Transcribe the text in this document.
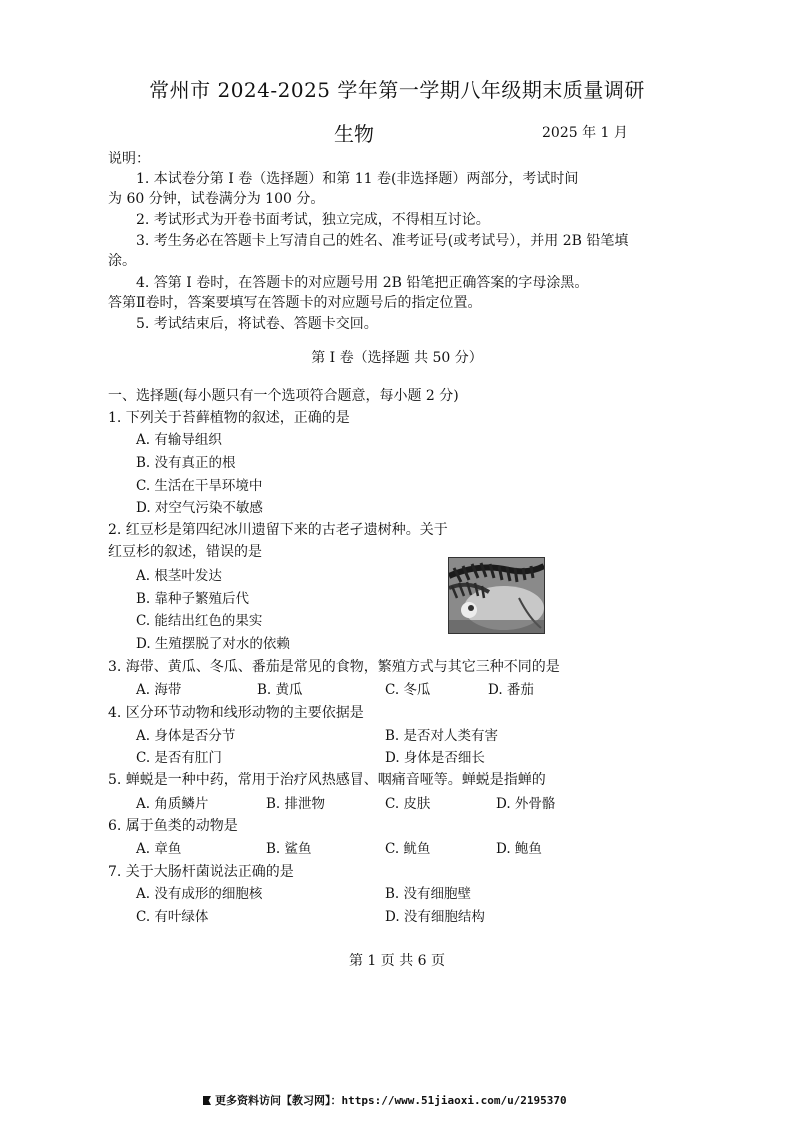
常州市 2024-2025 学年第一学期八年级期末质量调研
生物	2025 年 1 月
说明：
1. 本试卷分第 I 卷（选择题）和第 11 卷(非选择题）两部分，考试时间
为 60 分钟，试卷满分为 100 分。
2. 考试形式为开卷书面考试，独立完成，不得相互讨论。
3. 考生务必在答题卡上写清自己的姓名、准考证号(或考试号），并用 2B 铅笔填
涂。
4. 答第 I 卷时，在答题卡的对应题号用 2B 铅笔把正确答案的字母涂黑。
答第Ⅱ卷时，答案要填写在答题卡的对应题号后的指定位置。
5. 考试结束后，将试卷、答题卡交回。
第 I 卷（选择题 共 50 分）
一、选择题(每小题只有一个选项符合题意，每小题 2 分)
1. 下列关于苔藓植物的叙述，正确的是
A. 有输导组织
B. 没有真正的根
C. 生活在干旱环境中
D. 对空气污染不敏感
2. 红豆杉是第四纪冰川遗留下来的古老孑遗树种。关于
红豆杉的叙述，错误的是
A. 根茎叶发达
B. 靠种子繁殖后代
C. 能结出红色的果实
D. 生殖摆脱了对水的依赖
3. 海带、黄瓜、冬瓜、番茄是常见的食物，繁殖方式与其它三种不同的是
A. 海带	B. 黄瓜	C. 冬瓜	D. 番茄
4. 区分环节动物和线形动物的主要依据是
A. 身体是否分节	B. 是否对人类有害
C. 是否有肛门	D. 身体是否细长
5. 蝉蜕是一种中药，常用于治疗风热感冒、咽痛音哑等。蝉蜕是指蝉的
A. 角质鳞片	B. 排泄物	C. 皮肤	D. 外骨骼
6. 属于鱼类的动物是
A. 章鱼	B. 鲨鱼	C. 鱿鱼	D. 鲍鱼
7. 关于大肠杆菌说法正确的是
A. 没有成形的细胞核	B. 没有细胞壁
C. 有叶绿体	D. 没有细胞结构
第 1 页 共 6 页
更多资料访问【教习网】：https://www.51jiaoxi.com/u/2195370
